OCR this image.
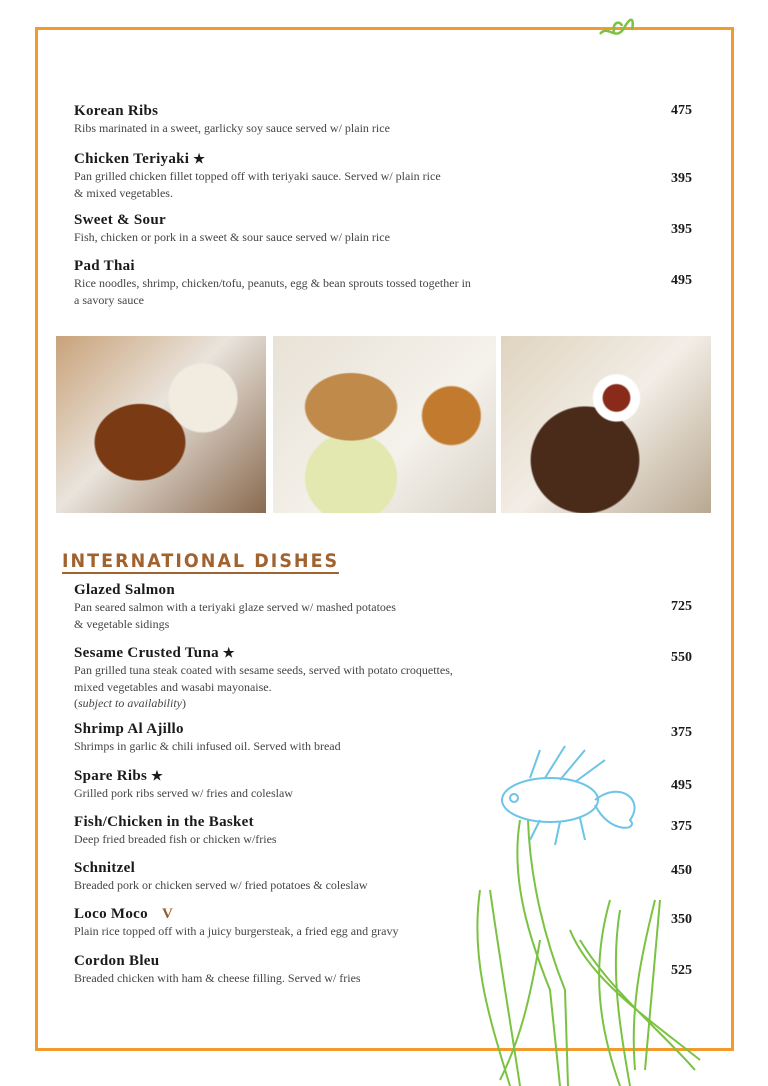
Korean Ribs
Ribs marinated in a sweet, garlicky soy sauce served w/ plain rice
475
Chicken Teriyaki ★
Pan grilled chicken fillet topped off with teriyaki sauce. Served w/ plain rice
& mixed vegetables.
395
Sweet & Sour
Fish, chicken or pork in a sweet & sour sauce served w/ plain rice	395
Pad Thai
Rice noodles, shrimp, chicken/tofu, peanuts, egg & bean sprouts tossed together in
a savory sauce
495
INTERNATIONAL DISHES
Glazed Salmon
Pan seared salmon with a teriyaki glaze served w/ mashed potatoes
& vegetable sidings
725
Sesame Crusted Tuna ★
Pan grilled tuna steak coated with sesame seeds, served with potato croquettes,
mixed vegetables and wasabi mayonaise.
(subject to availability)
550
Shrimp Al Ajillo
Shrimps in garlic & chili infused oil. Served with bread
375
Spare Ribs ★
Grilled pork ribs served w/ fries and coleslaw	495
Fish/Chicken in the Basket
Deep fried breaded fish or chicken w/fries
375
Schnitzel
Breaded pork or chicken served w/ fried potatoes & coleslaw
450
Loco Moco V
Plain rice topped off with a juicy burgersteak, a fried egg and gravy
350
Cordon Bleu
Breaded chicken with ham & cheese filling. Served w/ fries	525
